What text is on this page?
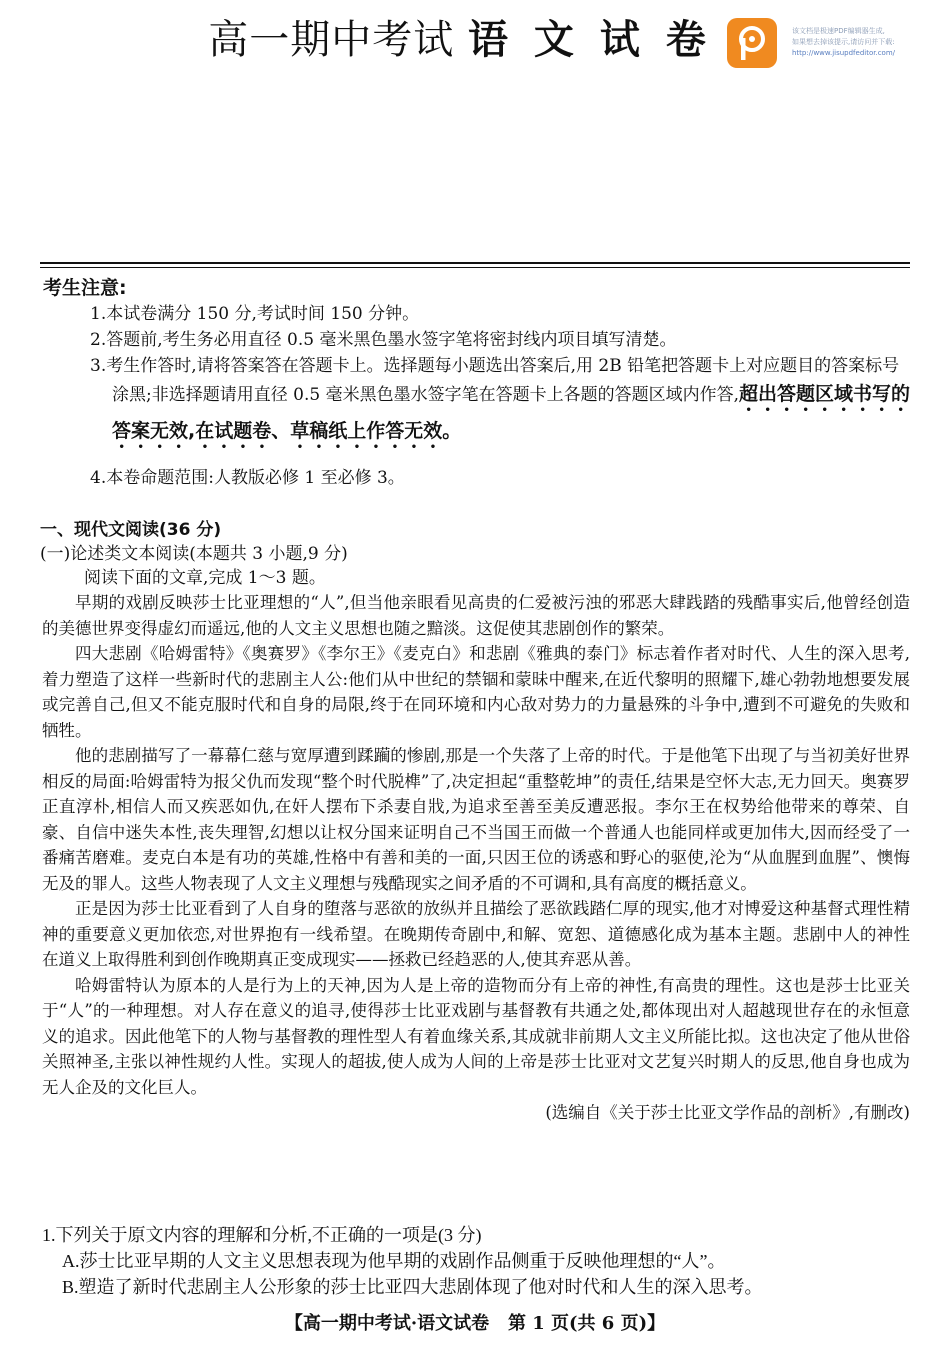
高一期中考试 语 文 试 卷	该文档是极速PDF编辑器生成,
如果想去掉该提示,请访问并下载:
http://www.jisupdfeditor.com/
考生注意:
1.本试卷满分 150 分,考试时间 150 分钟。
2.答题前,考生务必用直径 0.5 毫米黑色墨水签字笔将密封线内项目填写清楚。
3.考生作答时,请将答案答在答题卡上。选择题每小题选出答案后,用 2B 铅笔把答题卡上对应题目的答案标号涂黑;非选择题请用直径 0.5 毫米黑色墨水签字笔在答题卡上各题的答题区域内作答,超出答题区域书写的答案无效,在试题卷、草稿纸上作答无效。
4.本卷命题范围:人教版必修 1 至必修 3。
一、现代文阅读(36 分)
(一)论述类文本阅读(本题共 3 小题,9 分)
阅读下面的文章,完成 1～3 题。

早期的戏剧反映莎士比亚理想的“人”,但当他亲眼看见高贵的仁爱被污浊的邪恶大肆践踏的残酷事实后,他曾经创造的美德世界变得虚幻而遥远,他的人文主义思想也随之黯淡。这促使其悲剧创作的繁荣。

四大悲剧《哈姆雷特》《奥赛罗》《李尔王》《麦克白》和悲剧《雅典的泰门》标志着作者对时代、人生的深入思考,着力塑造了这样一些新时代的悲剧主人公:他们从中世纪的禁锢和蒙昧中醒来,在近代黎明的照耀下,雄心勃勃地想要发展或完善自己,但又不能克服时代和自身的局限,终于在同环境和内心敌对势力的力量悬殊的斗争中,遭到不可避免的失败和牺牲。

他的悲剧描写了一幕幕仁慈与宽厚遭到蹂躏的惨剧,那是一个失落了上帝的时代。于是他笔下出现了与当初美好世界相反的局面:哈姆雷特为报父仇而发现“整个时代脱榫”了,决定担起“重整乾坤”的责任,结果是空怀大志,无力回天。奥赛罗正直淳朴,相信人而又疾恶如仇,在奸人摆布下杀妻自戕,为追求至善至美反遭恶报。李尔王在权势给他带来的尊荣、自豪、自信中迷失本性,丧失理智,幻想以让权分国来证明自己不当国王而做一个普通人也能同样或更加伟大,因而经受了一番痛苦磨难。麦克白本是有功的英雄,性格中有善和美的一面,只因王位的诱惑和野心的驱使,沦为“从血腥到血腥”、懊悔无及的罪人。这些人物表现了人文主义理想与残酷现实之间矛盾的不可调和,具有高度的概括意义。

正是因为莎士比亚看到了人自身的堕落与恶欲的放纵并且描绘了恶欲践踏仁厚的现实,他才对博爱这种基督式理性精神的重要意义更加依恋,对世界抱有一线希望。在晚期传奇剧中,和解、宽恕、道德感化成为基本主题。悲剧中人的神性在道义上取得胜利到创作晚期真正变成现实——拯救已经趋恶的人,使其弃恶从善。

哈姆雷特认为原本的人是行为上的天神,因为人是上帝的造物而分有上帝的神性,有高贵的理性。这也是莎士比亚关于“人”的一种理想。对人存在意义的追寻,使得莎士比亚戏剧与基督教有共通之处,都体现出对人超越现世存在的永恒意义的追求。因此他笔下的人物与基督教的理性型人有着血缘关系,其成就非前期人文主义所能比拟。这也决定了他从世俗关照神圣,主张以神性规约人性。实现人的超拔,使人成为人间的上帝是莎士比亚对文艺复兴时期人的反思,他自身也成为无人企及的文化巨人。

(选编自《关于莎士比亚文学作品的剖析》,有删改)
1.下列关于原文内容的理解和分析,不正确的一项是(3 分)
A.莎士比亚早期的人文主义思想表现为他早期的戏剧作品侧重于反映他理想的“人”。
B.塑造了新时代悲剧主人公形象的莎士比亚四大悲剧体现了他对时代和人生的深入思考。
【高一期中考试·语文试卷 第 1 页(共 6 页)】
